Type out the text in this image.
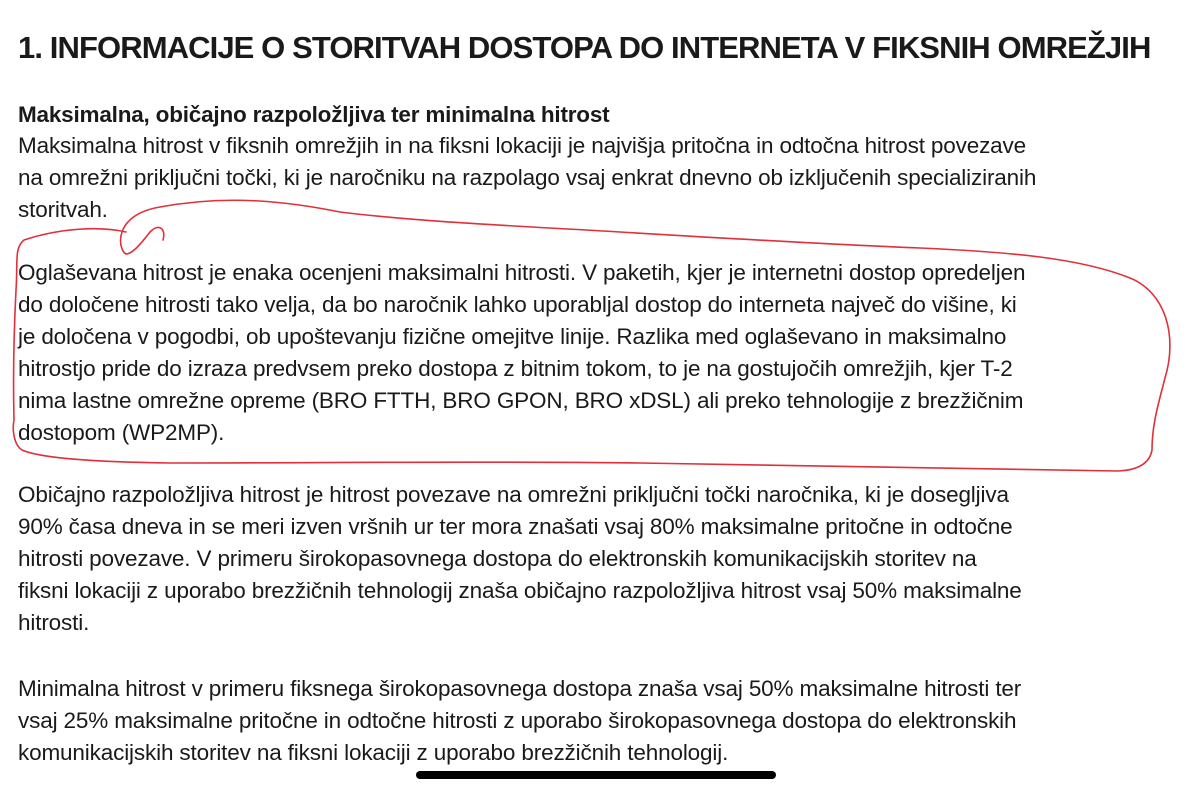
1. INFORMACIJE O STORITVAH DOSTOPA DO INTERNETA V FIKSNIH OMREŽJIH
Maksimalna, običajno razpoložljiva ter minimalna hitrost

Maksimalna hitrost v fiksnih omrežjih in na fiksni lokaciji je najvišja pritočna in odtočna hitrost povezave
na omrežni priključni točki, ki je naročniku na razpolago vsaj enkrat dnevno ob izključenih specializiranih
storitvah.

Oglaševana hitrost je enaka ocenjeni maksimalni hitrosti. V paketih, kjer je internetni dostop opredeljen
do določene hitrosti tako velja, da bo naročnik lahko uporabljal dostop do interneta največ do višine, ki
je določena v pogodbi, ob upoštevanju fizične omejitve linije. Razlika med oglaševano in maksimalno
hitrostjo pride do izraza predvsem preko dostopa z bitnim tokom, to je na gostujočih omrežjih, kjer T-2
nima lastne omrežne opreme (BRO FTTH, BRO GPON, BRO xDSL) ali preko tehnologije z brezžičnim
dostopom (WP2MP).

Običajno razpoložljiva hitrost je hitrost povezave na omrežni priključni točki naročnika, ki je dosegljiva
90% časa dneva in se meri izven vršnih ur ter mora znašati vsaj 80% maksimalne pritočne in odtočne
hitrosti povezave. V primeru širokopasovnega dostopa do elektronskih komunikacijskih storitev na
fiksni lokaciji z uporabo brezžičnih tehnologij znaša običajno razpoložljiva hitrost vsaj 50% maksimalne
hitrosti.

Minimalna hitrost v primeru fiksnega širokopasovnega dostopa znaša vsaj 50% maksimalne hitrosti ter
vsaj 25% maksimalne pritočne in odtočne hitrosti z uporabo širokopasovnega dostopa do elektronskih
komunikacijskih storitev na fiksni lokaciji z uporabo brezžičnih tehnologij.
